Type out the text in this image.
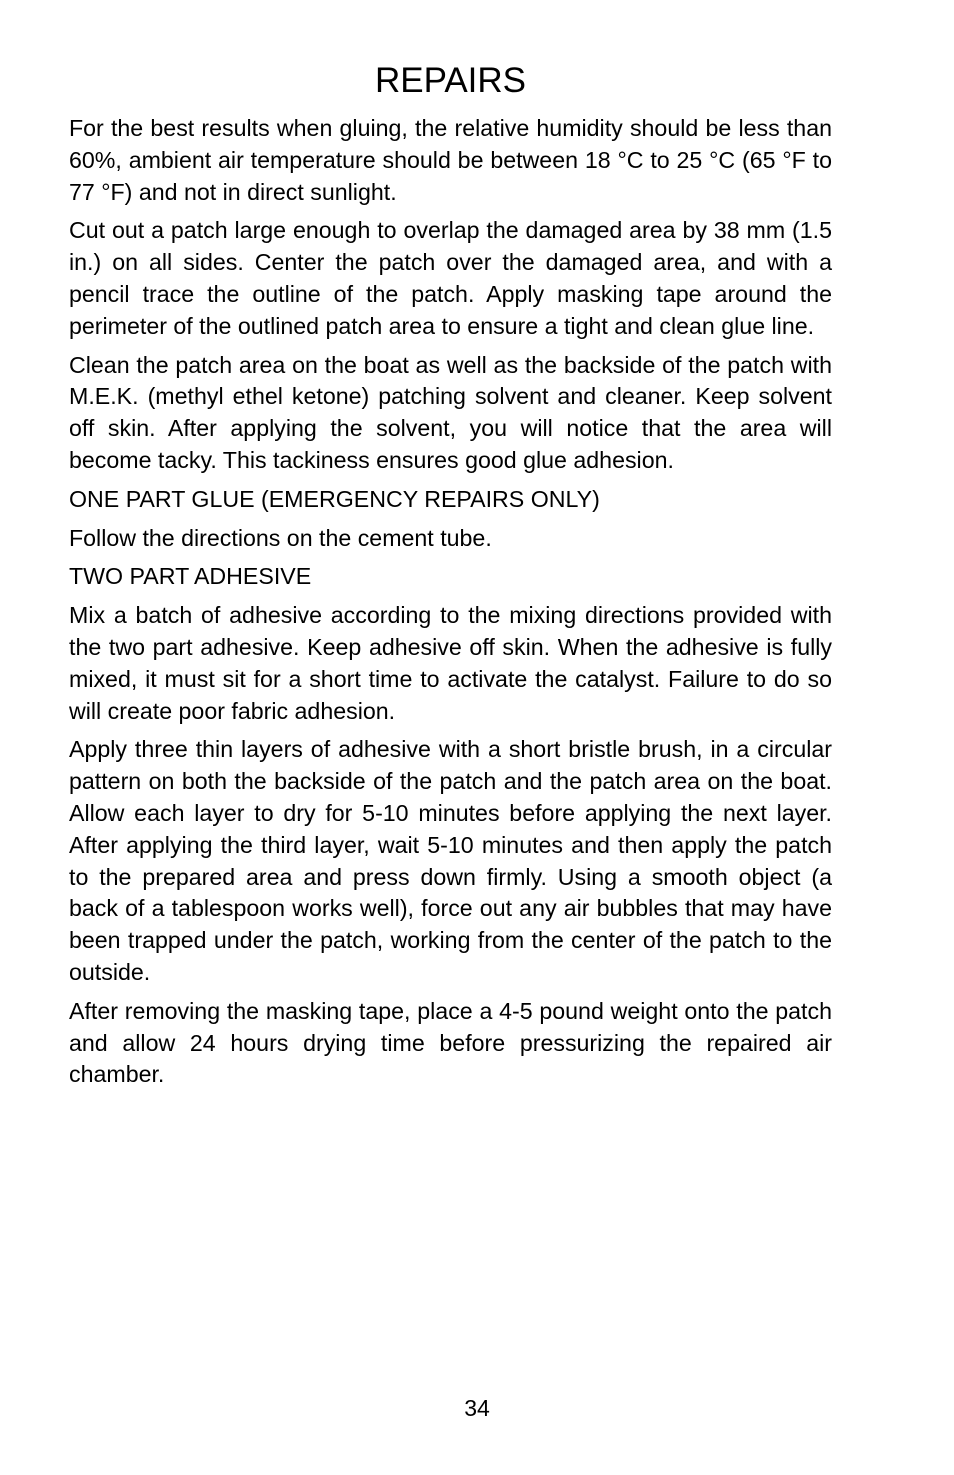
REPAIRS

For the best results when gluing, the relative humidity should be less than 60%, ambient air temperature should be between 18 °C to 25 °C (65 °F to 77 °F) and not in direct sunlight.

Cut out a patch large enough to overlap the damaged area by 38 mm (1.5 in.) on all sides. Center the patch over the damaged area, and with a pencil trace the outline of the patch. Apply masking tape around the perimeter of the outlined patch area to ensure a tight and clean glue line.

Clean the patch area on the boat as well as the backside of the patch with M.E.K. (methyl ethel ketone) patching solvent and cleaner. Keep solvent off skin. After applying the solvent, you will notice that the area will become tacky. This tackiness ensures good glue adhesion.

ONE PART GLUE (EMERGENCY REPAIRS ONLY)

Follow the directions on the cement tube.

TWO PART ADHESIVE

Mix a batch of adhesive according to the mixing directions provided with the two part adhesive. Keep adhesive off skin. When the adhesive is fully mixed, it must sit for a short time to activate the catalyst. Failure to do so will create poor fabric adhesion.

Apply three thin layers of adhesive with a short bristle brush, in a circular pattern on both the backside of the patch and the patch area on the boat. Allow each layer to dry for 5-10 minutes before applying the next layer. After applying the third layer, wait 5-10 minutes and then apply the patch to the prepared area and press down firmly. Using a smooth object (a back of a tablespoon works well), force out any air bubbles that may have been trapped under the patch, working from the center of the patch to the outside.

After removing the masking tape, place a 4-5 pound weight onto the patch and allow 24 hours drying time before pressurizing the repaired air chamber.

34
